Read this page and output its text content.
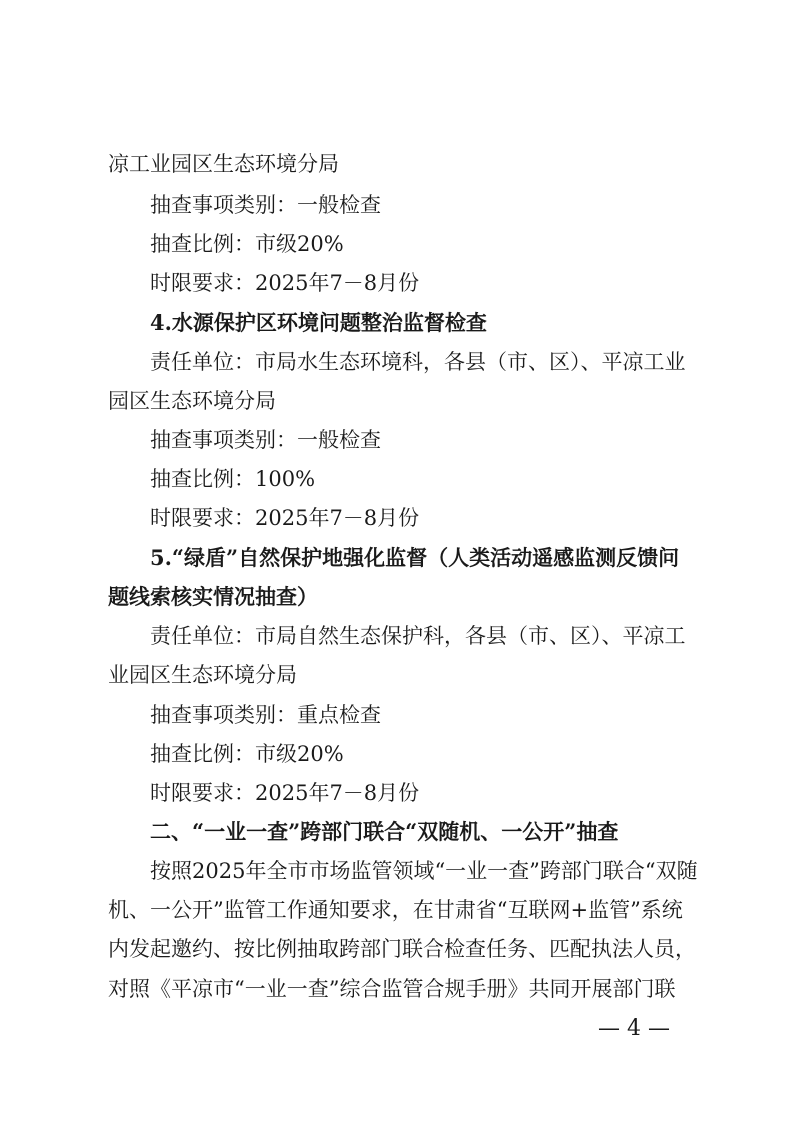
凉工业园区生态环境分局
抽查事项类别：一般检查
抽查比例：市级20%
时限要求：2025年7－8月份
4.水源保护区环境问题整治监督检查
责任单位：市局水生态环境科，各县（市、区）、平凉工业
园区生态环境分局
抽查事项类别：一般检查
抽查比例：100%
时限要求：2025年7－8月份
5.“绿盾”自然保护地强化监督（人类活动遥感监测反馈问
题线索核实情况抽查）
责任单位：市局自然生态保护科，各县（市、区）、平凉工
业园区生态环境分局
抽查事项类别：重点检查
抽查比例：市级20%
时限要求：2025年7－8月份
二、“一业一查”跨部门联合“双随机、一公开”抽查
按照2025年全市市场监管领域“一业一查”跨部门联合“双随
机、一公开”监管工作通知要求，在甘肃省“互联网+监管”系统
内发起邀约、按比例抽取跨部门联合检查任务、匹配执法人员，
对照《平凉市“一业一查”综合监管合规手册》共同开展部门联
— 4 —
